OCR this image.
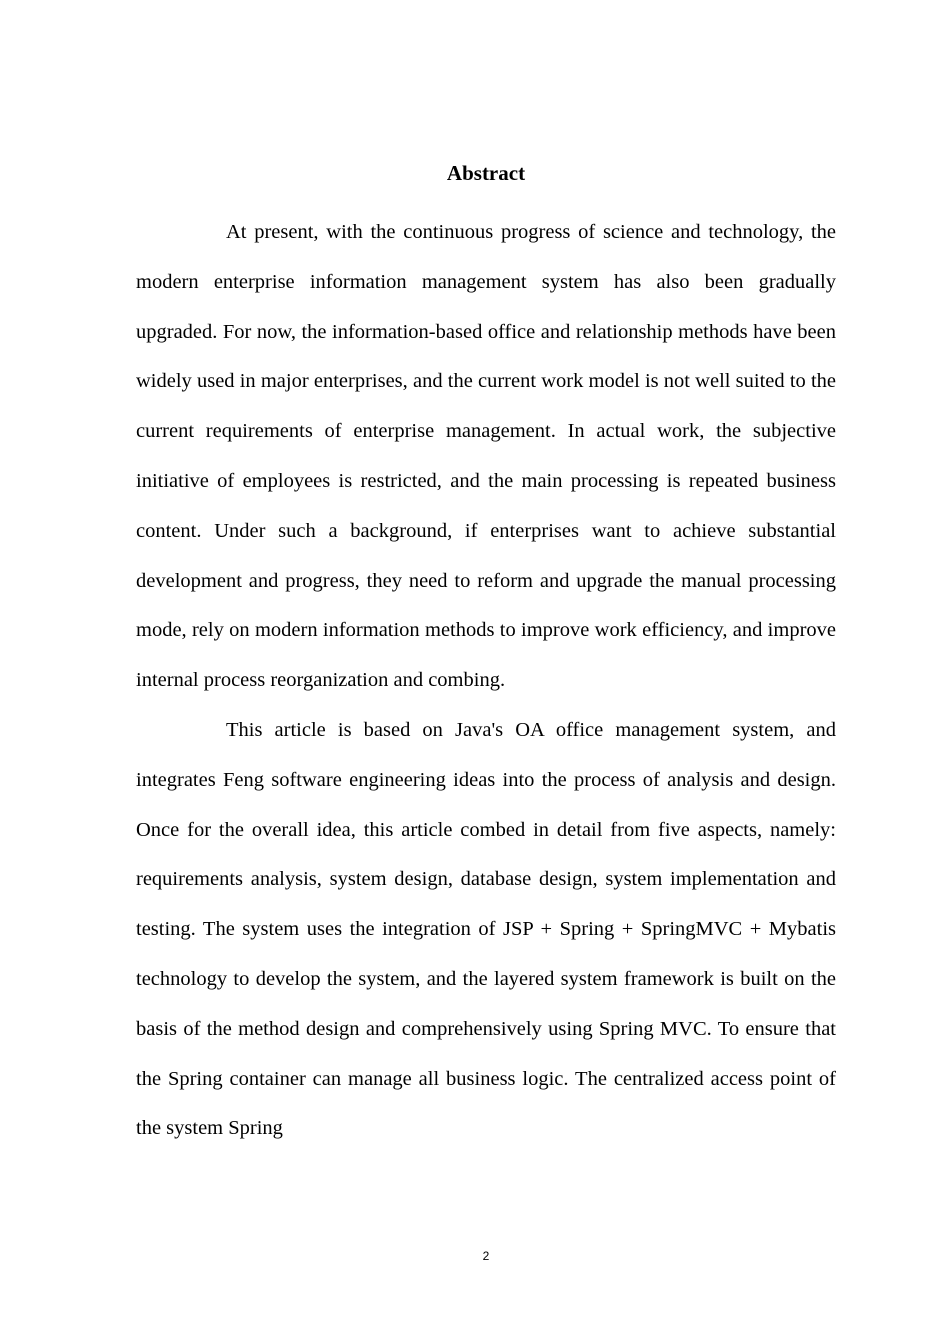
Abstract

At present, with the continuous progress of science and technology, the modern enterprise information management system has also been gradually upgraded. For now, the information-based office and relationship methods have been widely used in major enterprises, and the current work model is not well suited to the current requirements of enterprise management. In actual work, the subjective initiative of employees is restricted, and the main processing is repeated business content. Under such a background, if enterprises want to achieve substantial development and progress, they need to reform and upgrade the manual processing mode, rely on modern information methods to improve work efficiency, and improve internal process reorganization and combing.

This article is based on Java's OA office management system, and integrates Feng software engineering ideas into the process of analysis and design. Once for the overall idea, this article combed in detail from five aspects, namely: requirements analysis, system design, database design, system implementation and testing. The system uses the integration of JSP + Spring + SpringMVC + Mybatis technology to develop the system, and the layered system framework is built on the basis of the method design and comprehensively using Spring MVC. To ensure that the Spring container can manage all business logic. The centralized access point of the system Spring

2
